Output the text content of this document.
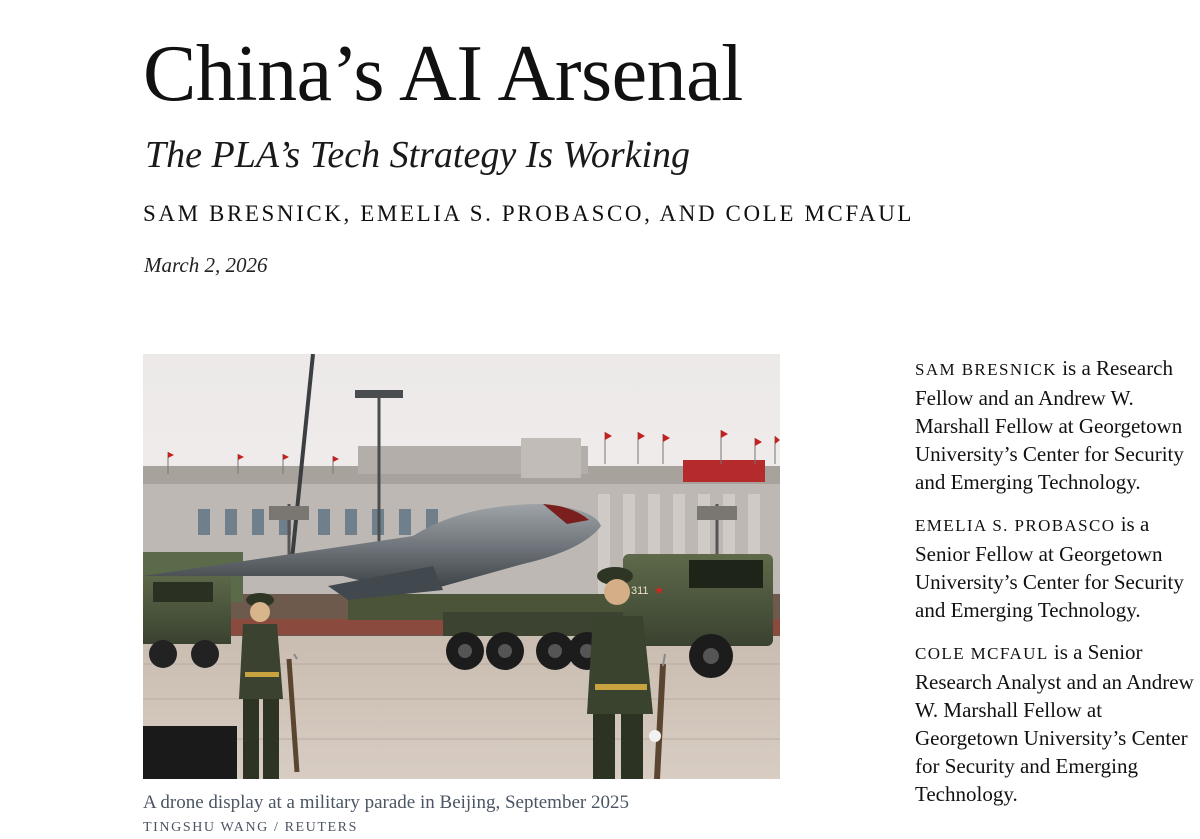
China’s AI Arsenal
The PLA’s Tech Strategy Is Working
SAM BRESNICK, EMELIA S. PROBASCO, AND COLE MCFAUL
March 2, 2026
311
A drone display at a military parade in Beijing, September 2025
TINGSHU WANG / REUTERS
SAM BRESNICK is a Research
Fellow and an Andrew W.
Marshall Fellow at Georgetown
University’s Center for Security
and Emerging Technology.
EMELIA S. PROBASCO is a
Senior Fellow at Georgetown
University’s Center for Security
and Emerging Technology.
COLE MCFAUL is a Senior
Research Analyst and an Andrew
W. Marshall Fellow at
Georgetown University’s Center
for Security and Emerging
Technology.
